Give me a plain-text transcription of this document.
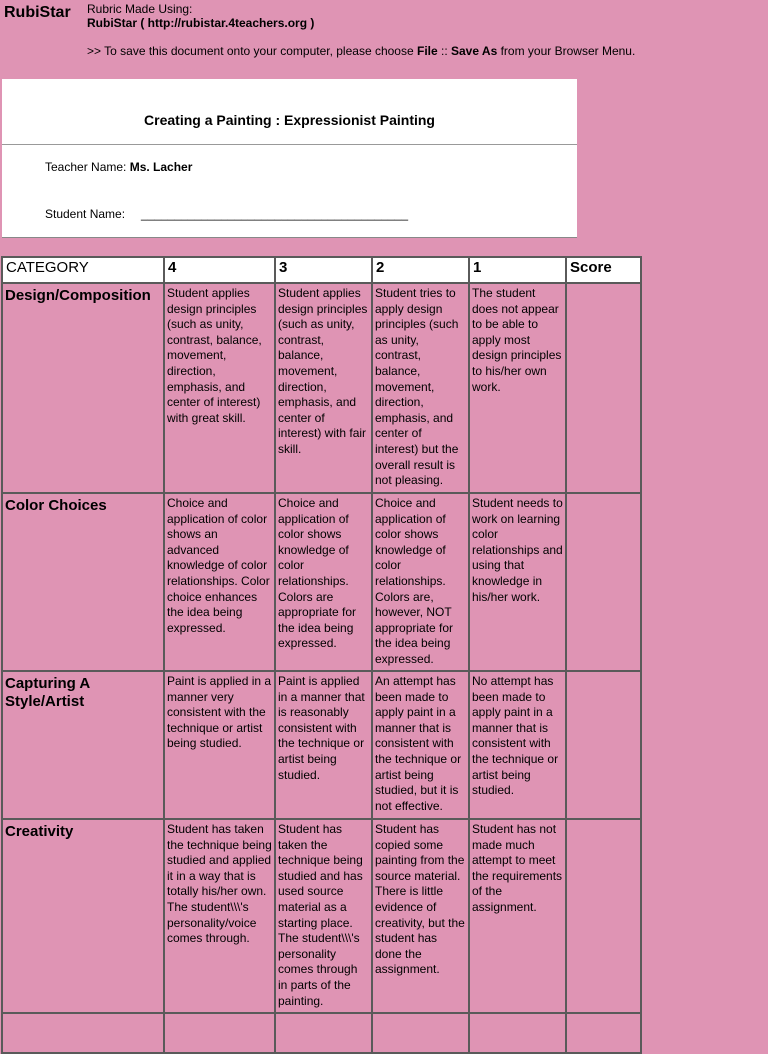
RubiStar Rubric Made Using:
RubiStar ( http://rubistar.4teachers.org )
>> To save this document onto your computer, please choose File :: Save As from your Browser Menu.
Creating a Painting : Expressionist Painting
Teacher Name: Ms. Lacher
Student Name: ________________________________________
CATEGORY	4	3	2	1	Score
Design/Composition	Student applies design principles (such as unity, contrast, balance, movement, direction, emphasis, and center of interest) with great skill.	Student applies design principles (such as unity, contrast, balance, movement, direction, emphasis, and center of interest) with fair skill.	Student tries to apply design principles (such as unity, contrast, balance, movement, direction, emphasis, and center of interest) but the overall result is not pleasing.	The student does not appear to be able to apply most design principles to his/her own work.	
Color Choices	Choice and application of color shows an advanced knowledge of color relationships. Color choice enhances the idea being expressed.	Choice and application of color shows knowledge of color relationships. Colors are appropriate for the idea being expressed.	Choice and application of color shows knowledge of color relationships. Colors are, however, NOT appropriate for the idea being expressed.	Student needs to work on learning color relationships and using that knowledge in his/her work.	
Capturing A Style/Artist	Paint is applied in a manner very consistent with the technique or artist being studied.	Paint is applied in a manner that is reasonably consistent with the technique or artist being studied.	An attempt has been made to apply paint in a manner that is consistent with the technique or artist being studied, but it is not effective.	No attempt has been made to apply paint in a manner that is consistent with the technique or artist being studied.	
Creativity	Student has taken the technique being studied and applied it in a way that is totally his/her own. The student\\\'s personality/voice comes through.	Student has taken the technique being studied and has used source material as a starting place. The student\\\'s personality comes through in parts of the painting.	Student has copied some painting from the source material. There is little evidence of creativity, but the student has done the assignment.	Student has not made much attempt to meet the requirements of the assignment.	
